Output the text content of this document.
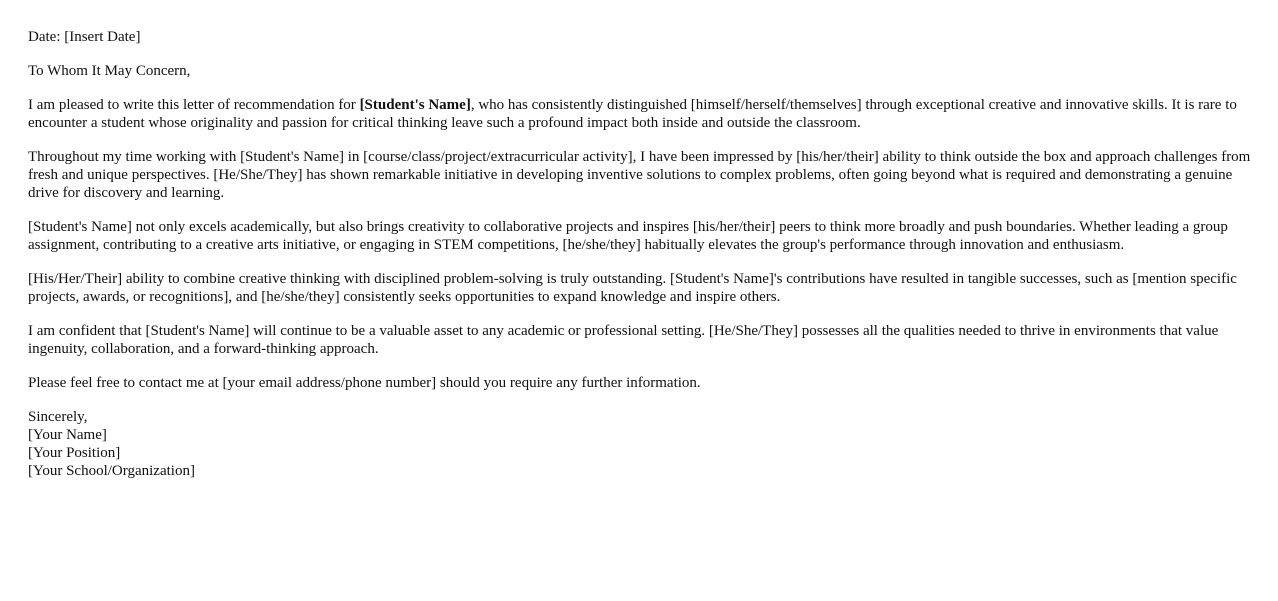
Date: [Insert Date]

To Whom It May Concern,

I am pleased to write this letter of recommendation for [Student's Name], who has consistently distinguished [himself/herself/themselves] through exceptional creative and innovative skills. It is rare to encounter a student whose originality and passion for critical thinking leave such a profound impact both inside and outside the classroom.

Throughout my time working with [Student's Name] in [course/class/project/extracurricular activity], I have been impressed by [his/her/their] ability to think outside the box and approach challenges from fresh and unique perspectives. [He/She/They] has shown remarkable initiative in developing inventive solutions to complex problems, often going beyond what is required and demonstrating a genuine drive for discovery and learning.

[Student's Name] not only excels academically, but also brings creativity to collaborative projects and inspires [his/her/their] peers to think more broadly and push boundaries. Whether leading a group assignment, contributing to a creative arts initiative, or engaging in STEM competitions, [he/she/they] habitually elevates the group's performance through innovation and enthusiasm.

[His/Her/Their] ability to combine creative thinking with disciplined problem-solving is truly outstanding. [Student's Name]'s contributions have resulted in tangible successes, such as [mention specific projects, awards, or recognitions], and [he/she/they] consistently seeks opportunities to expand knowledge and inspire others.

I am confident that [Student's Name] will continue to be a valuable asset to any academic or professional setting. [He/She/They] possesses all the qualities needed to thrive in environments that value ingenuity, collaboration, and a forward-thinking approach.

Please feel free to contact me at [your email address/phone number] should you require any further information.

Sincerely,

[Your Name]

[Your Position]

[Your School/Organization]
